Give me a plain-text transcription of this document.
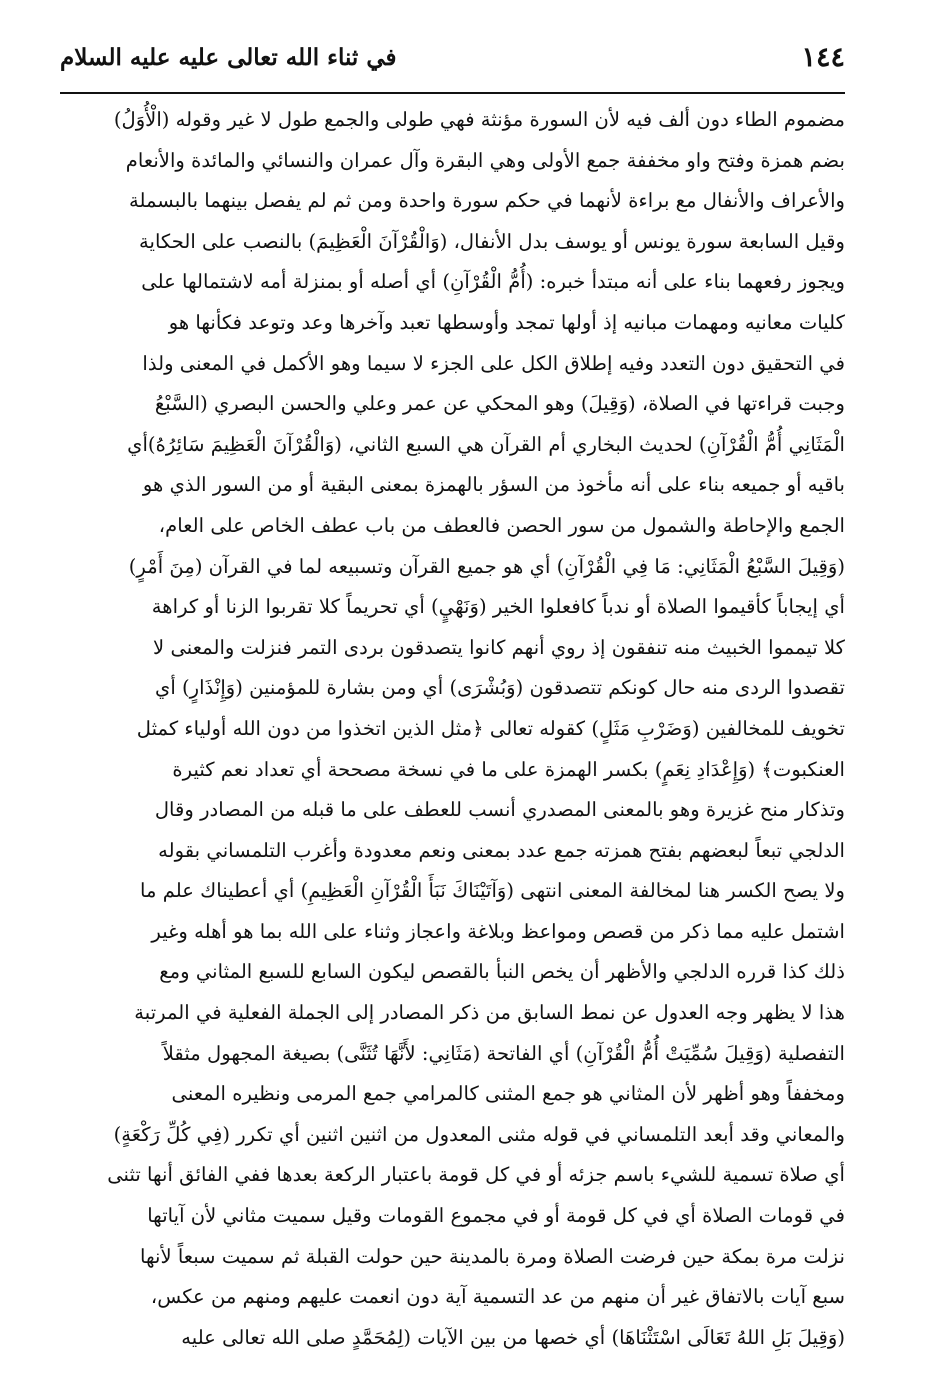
١٤٤
في ثناء الله تعالى عليه عليه السلام
مضموم الطاء دون ألف فيه لأن السورة مؤنثة فهي طولى والجمع طول لا غير وقوله (الْأُوَلُ)
بضم همزة وفتح واو مخففة جمع الأولى وهي البقرة وآل عمران والنسائي والمائدة والأنعام
والأعراف والأنفال مع براءة لأنهما في حكم سورة واحدة ومن ثم لم يفصل بينهما بالبسملة
وقيل السابعة سورة يونس أو يوسف بدل الأنفال، (وَالْقُرْآنَ الْعَظِيمَ) بالنصب على الحكاية
ويجوز رفعهما بناء على أنه مبتدأ خبره: (أُمُّ الْقُرْآنِ) أي أصله أو بمنزلة أمه لاشتمالها على
كليات معانيه ومهمات مبانيه إذ أولها تمجد وأوسطها تعبد وآخرها وعد وتوعد فكأنها هو
في التحقيق دون التعدد وفيه إطلاق الكل على الجزء لا سيما وهو الأكمل في المعنى ولذا
وجبت قراءتها في الصلاة، (وَقِيلَ) وهو المحكي عن عمر وعلي والحسن البصري (السَّبْعُ
الْمَثَانِي أُمُّ الْقُرْآنِ) لحديث البخاري أم القرآن هي السبع الثاني، (وَالْقُرْآنَ الْعَظِيمَ سَائِرُهُ)أي
باقيه أو جميعه بناء على أنه مأخوذ من السؤر بالهمزة بمعنى البقية أو من السور الذي هو
الجمع والإحاطة والشمول من سور الحصن فالعطف من باب عطف الخاص على العام،
(وَقِيلَ السَّبْعُ الْمَثَانِي: مَا فِي الْقُرْآنِ) أي هو جميع القرآن وتسبيعه لما في القرآن (مِنَ أَمْرٍ)
أي إيجاباً كأقيموا الصلاة أو ندباً كافعلوا الخير (وَنَهْيٍ) أي تحريماً كلا تقربوا الزنا أو كراهة
كلا تيمموا الخبيث منه تنفقون إذ روي أنهم كانوا يتصدقون بردى التمر فنزلت والمعنى لا
تقصدوا الردى منه حال كونكم تتصدقون (وَبُشْرَى) أي ومن بشارة للمؤمنين (وَإِنْذَارٍ) أي
تخويف للمخالفين (وَضَرْبِ مَثَلٍ) كقوله تعالى ﴿مثل الذين اتخذوا من دون الله أولياء كمثل
العنكبوت﴾ (وَإِعْدَادِ نِعَمٍ) بكسر الهمزة على ما في نسخة مصححة أي تعداد نعم كثيرة
وتذكار منح غزيرة وهو بالمعنى المصدري أنسب للعطف على ما قبله من المصادر وقال
الدلجي تبعاً لبعضهم بفتح همزته جمع عدد بمعنى ونعم معدودة وأغرب التلمساني بقوله
ولا يصح الكسر هنا لمخالفة المعنى انتهى (وَآتَيْنَاكَ نَبَأَ الْقُرْآنِ الْعَظِيمِ) أي أعطيناك علم ما
اشتمل عليه مما ذكر من قصص ومواعظ وبلاغة واعجاز وثناء على الله بما هو أهله وغير
ذلك كذا قرره الدلجي والأظهر أن يخص النبأ بالقصص ليكون السابع للسبع المثاني ومع
هذا لا يظهر وجه العدول عن نمط السابق من ذكر المصادر إلى الجملة الفعلية في المرتبة
التفصلية (وَقِيلَ سُمِّيَتْ أُمُّ الْقُرْآنِ) أي الفاتحة (مَثَانِي: لأَنَّهَا تُثَنَّى) بصيغة المجهول مثقلاً
ومخففاً وهو أظهر لأن المثاني هو جمع المثنى كالمرامي جمع المرمى ونظيره المعنى
والمعاني وقد أبعد التلمساني في قوله مثنى المعدول من اثنين اثنين أي تكرر (فِي كُلِّ رَكْعَةٍ)
أي صلاة تسمية للشيء باسم جزئه أو في كل قومة باعتبار الركعة بعدها ففي الفائق أنها تثنى
في قومات الصلاة أي في كل قومة أو في مجموع القومات وقيل سميت مثاني لأن آياتها
نزلت مرة بمكة حين فرضت الصلاة ومرة بالمدينة حين حولت القبلة ثم سميت سبعاً لأنها
سبع آيات بالاتفاق غير أن منهم من عد التسمية آية دون انعمت عليهم ومنهم من عكس،
(وَقِيلَ بَلِ اللهُ تَعَالَى اسْتَثْنَاهَا) أي خصها من بين الآيات (لِمُحَمَّدٍ صلى الله تعالى عليه
